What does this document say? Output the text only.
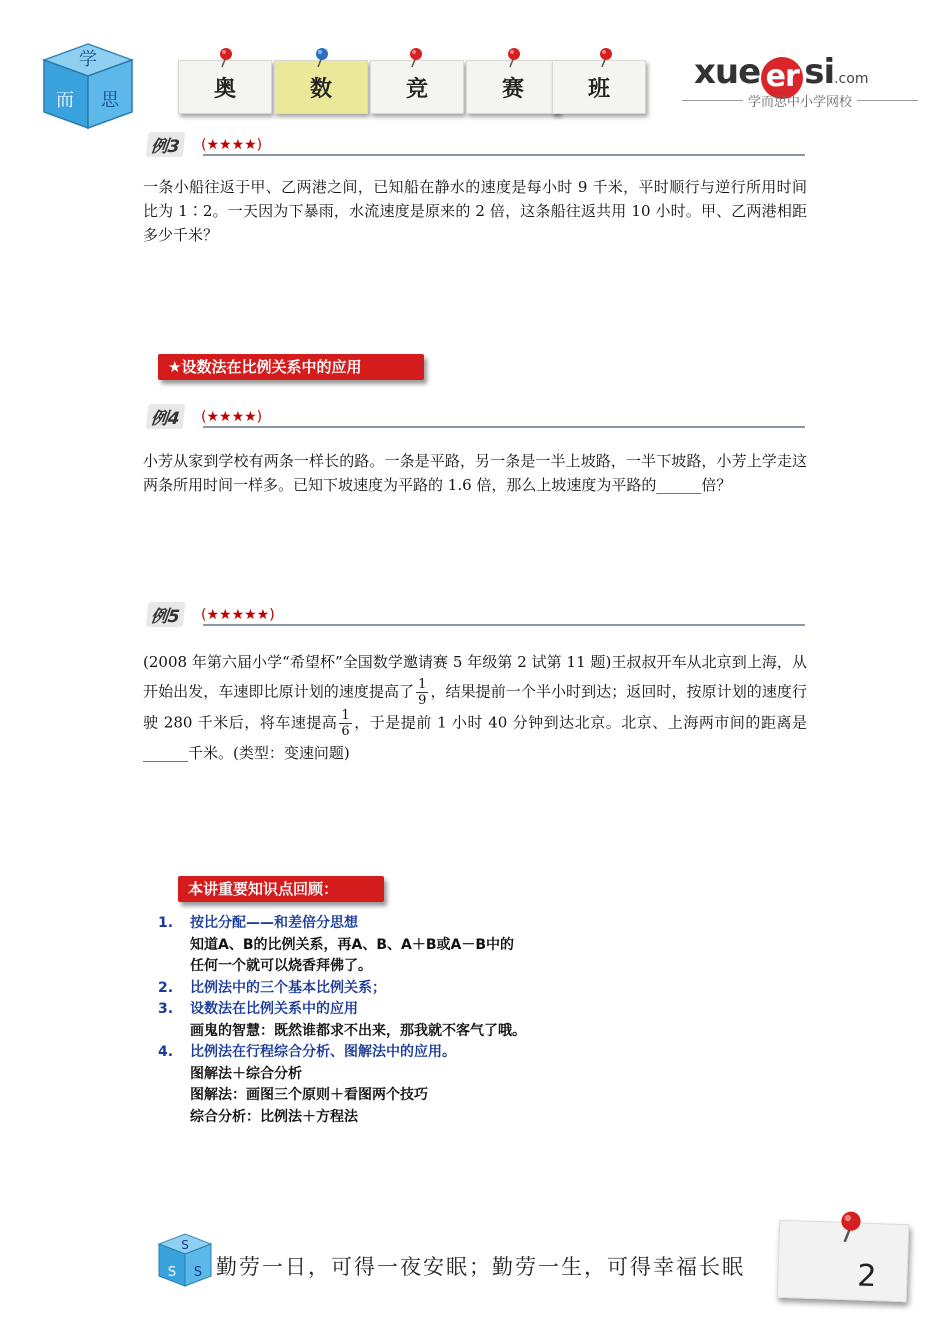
学
而 思	奥	数	竞	赛	班 xue er si.com
学而思中小学网校
例3	(★★★★)
一条小船往返于甲、乙两港之间，已知船在静水的速度是每小时 9 千米，平时顺行与逆行所用时间比为 1∶2。一天因为下暴雨，水流速度是原来的 2 倍，这条船往返共用 10 小时。甲、乙两港相距多少千米？
★设数法在比例关系中的应用
例4	(★★★★)
小芳从家到学校有两条一样长的路。一条是平路，另一条是一半上坡路，一半下坡路，小芳上学走这两条所用时间一样多。已知下坡速度为平路的 1.6 倍，那么上坡速度为平路的______倍？
例5	(★★★★★)
(2008 年第六届小学“希望杯”全国数学邀请赛 5 年级第 2 试第 11 题)王叔叔开车从北京到上海，从开始出发，车速即比原计划的速度提高了 $\frac{1}{9}$ ，结果提前一个半小时到达；返回时，按原计划的速度行驶 280 千米后，将车速提高 $\frac{1}{6}$ ，于是提前 1 小时 40 分钟到达北京。北京、上海两市间的距离是______千米。(类型：变速问题)
本讲重要知识点回顾：
1. 按比分配——和差倍分思想
知道A、B的比例关系，再A、B、A＋B或A－B中的
任何一个就可以烧香拜佛了。
2. 比例法中的三个基本比例关系；
3. 设数法在比例关系中的应用
画鬼的智慧：既然谁都求不出来，那我就不客气了哦。
4. 比例法在行程综合分析、图解法中的应用。
图解法＋综合分析
图解法：画图三个原则＋看图两个技巧
综合分析：比例法＋方程法
S
S S 勤劳一日，可得一夜安眠；勤劳一生，可得幸福长眠	2
